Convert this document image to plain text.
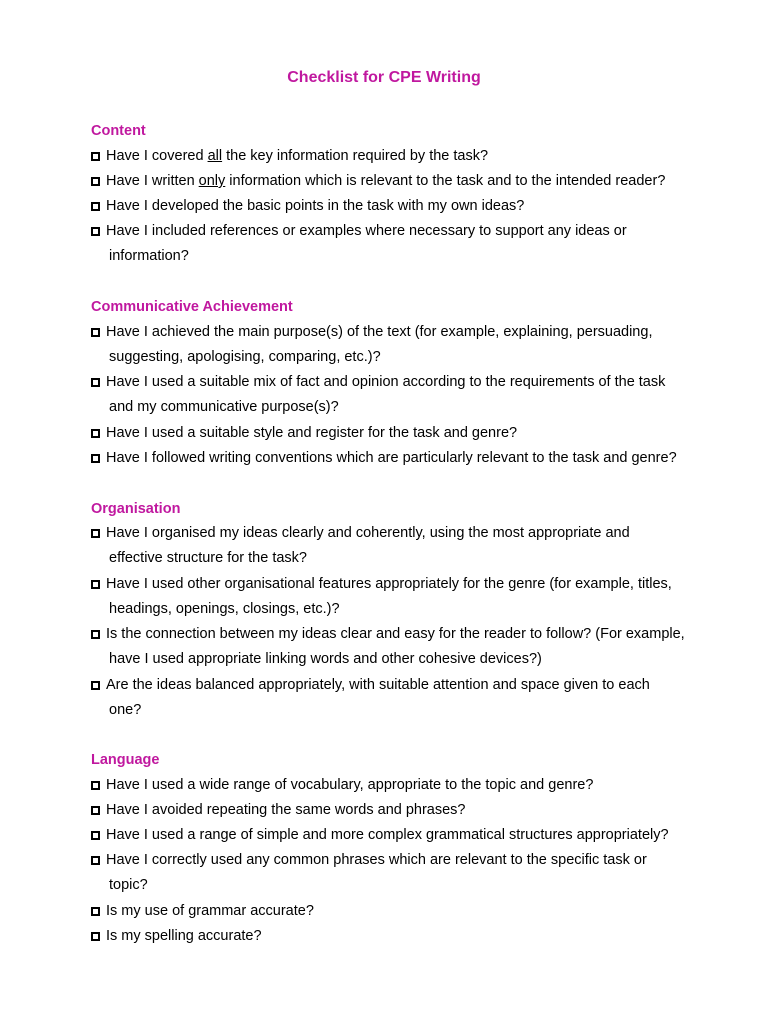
Checklist for CPE Writing
Content

Have I covered all the key information required by the task?

Have I written only information which is relevant to the task and to the intended reader?

Have I developed the basic points in the task with my own ideas?

Have I included references or examples where necessary to support any ideas or
information?

Communicative Achievement

Have I achieved the main purpose(s) of the text (for example, explaining, persuading,
suggesting, apologising, comparing, etc.)?

Have I used a suitable mix of fact and opinion according to the requirements of the task
and my communicative purpose(s)?

Have I used a suitable style and register for the task and genre?

Have I followed writing conventions which are particularly relevant to the task and genre?

Organisation

Have I organised my ideas clearly and coherently, using the most appropriate and
effective structure for the task?

Have I used other organisational features appropriately for the genre (for example, titles,
headings, openings, closings, etc.)?

Is the connection between my ideas clear and easy for the reader to follow? (For example,
have I used appropriate linking words and other cohesive devices?)

Are the ideas balanced appropriately, with suitable attention and space given to each
one?

Language

Have I used a wide range of vocabulary, appropriate to the topic and genre?

Have I avoided repeating the same words and phrases?

Have I used a range of simple and more complex grammatical structures appropriately?

Have I correctly used any common phrases which are relevant to the specific task or
topic?

Is my use of grammar accurate?

Is my spelling accurate?
